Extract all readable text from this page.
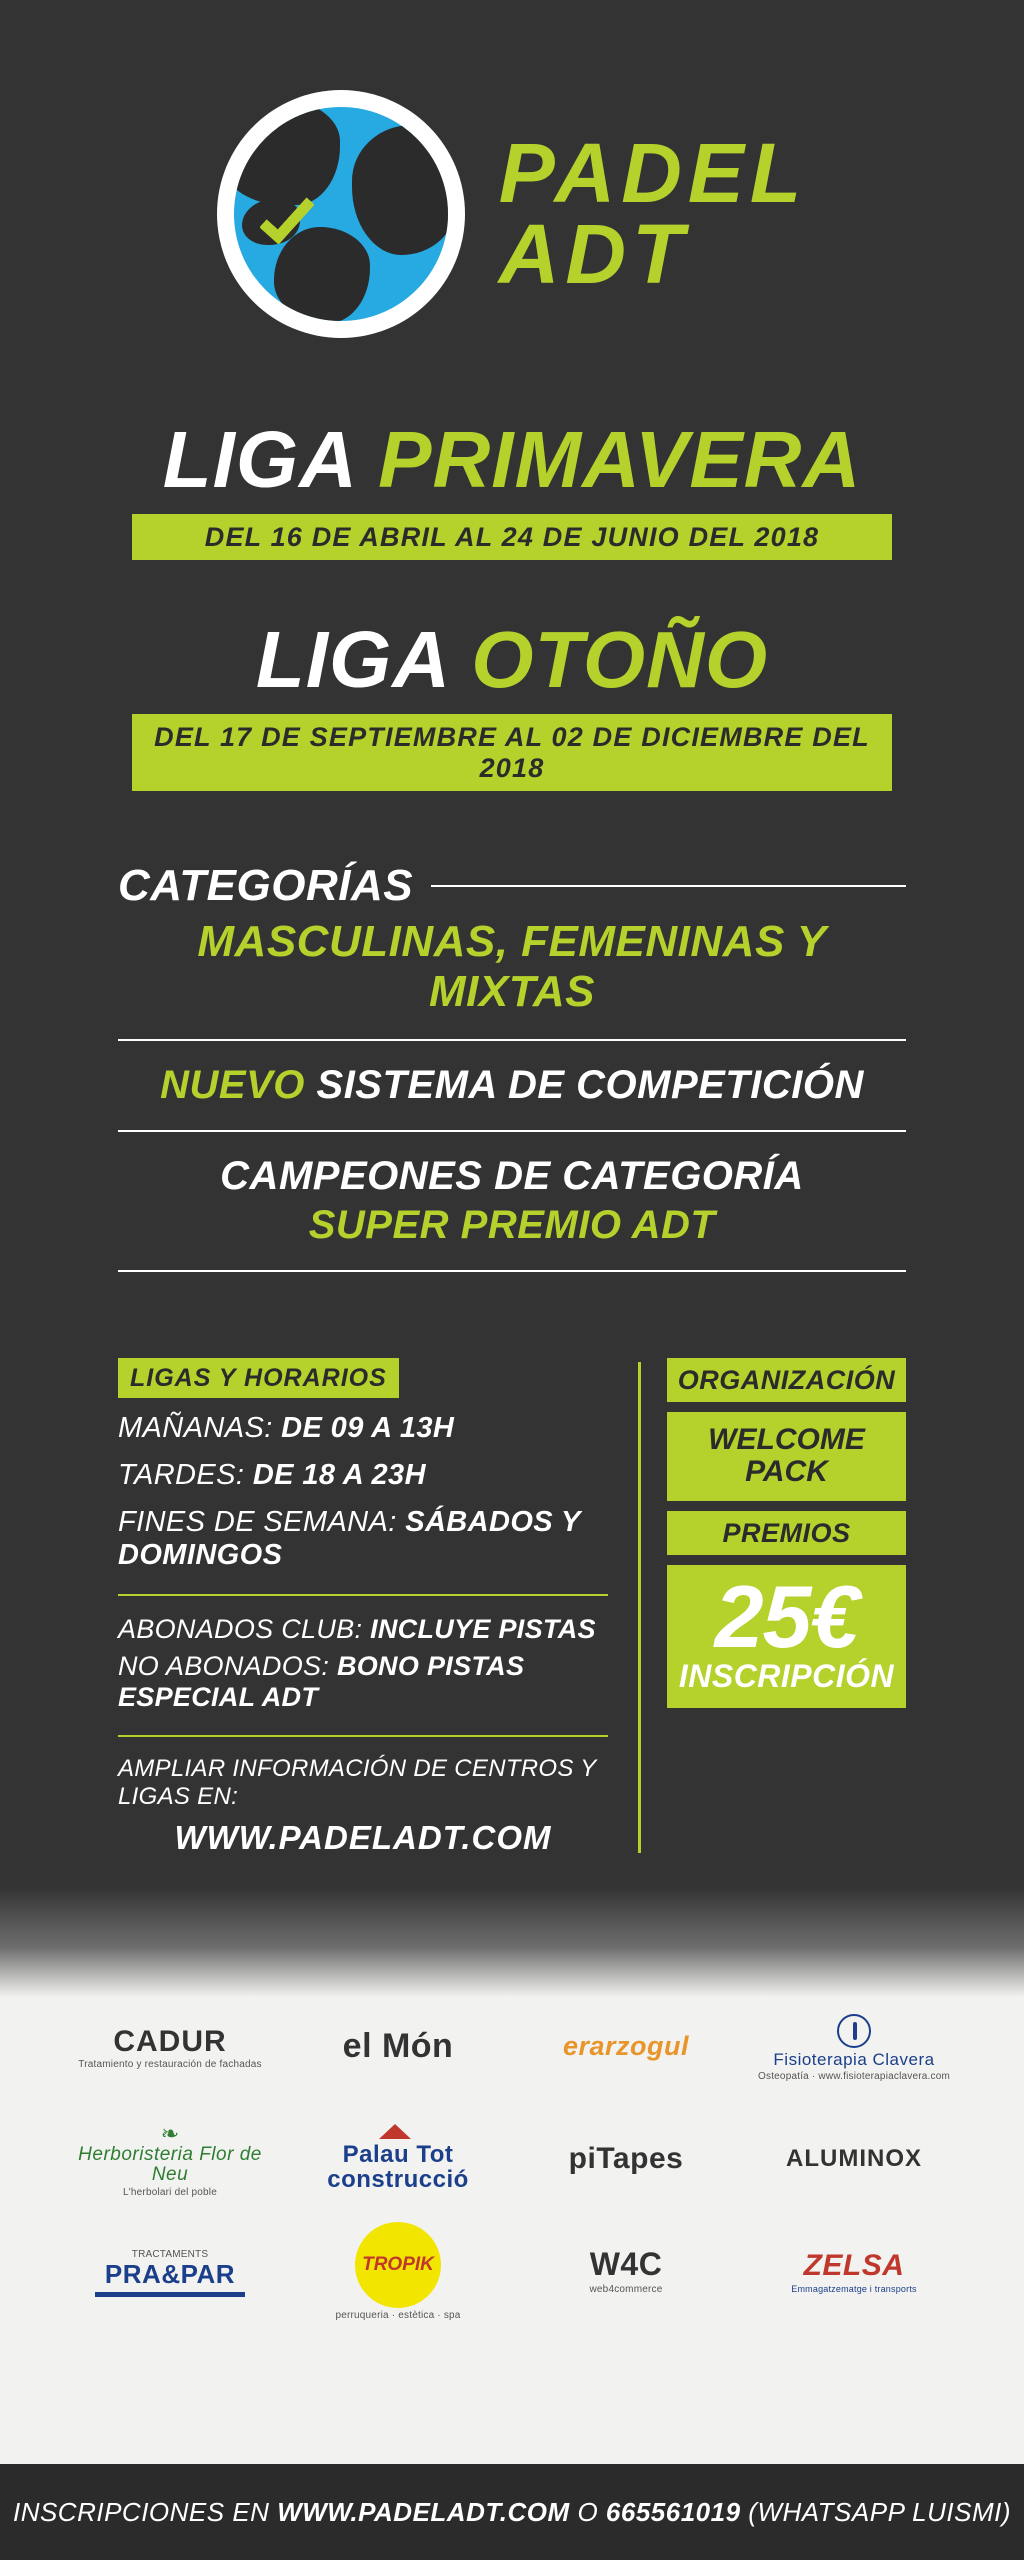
PADEL
ADT
LIGA PRIMAVERA
DEL 16 DE ABRIL AL 24 DE JUNIO DEL 2018
LIGA OTOÑO
DEL 17 DE SEPTIEMBRE AL 02 DE DICIEMBRE DEL 2018
CATEGORÍAS
MASCULINAS, FEMENINAS Y MIXTAS
NUEVO SISTEMA DE COMPETICIÓN
CAMPEONES DE CATEGORÍA
SUPER PREMIO ADT
LIGAS Y HORARIOS
MAÑANAS: DE 09 A 13H
TARDES: DE 18 A 23H
FINES DE SEMANA: SÁBADOS Y DOMINGOS
ABONADOS CLUB: INCLUYE PISTAS
NO ABONADOS: BONO PISTAS ESPECIAL ADT
AMPLIAR INFORMACIÓN DE CENTROS Y LIGAS EN:
WWW.PADELADT.COM
ORGANIZACIÓN
WELCOME
PACK
PREMIOS
25€
INSCRIPCIÓN
CADUR
Tratamiento y restauración de fachadas	el Món	erarzogul	Fisioterapia Clavera
Osteopatía · www.fisioterapiaclavera.com
❧
Herboristeria Flor de Neu
L'herbolari del poble
Palau Tot construcció
piTapes	ALUMINOX
TRACTAMENTS
PRA&PAR	TROPIK
perruqueria · estètica · spa
W4C
web4commerce
ZELSA
Emmagatzematge i transports
INSCRIPCIONES EN
WWW.PADELADT.COM
O
665561019
(WHATSAPP LUISMI)
